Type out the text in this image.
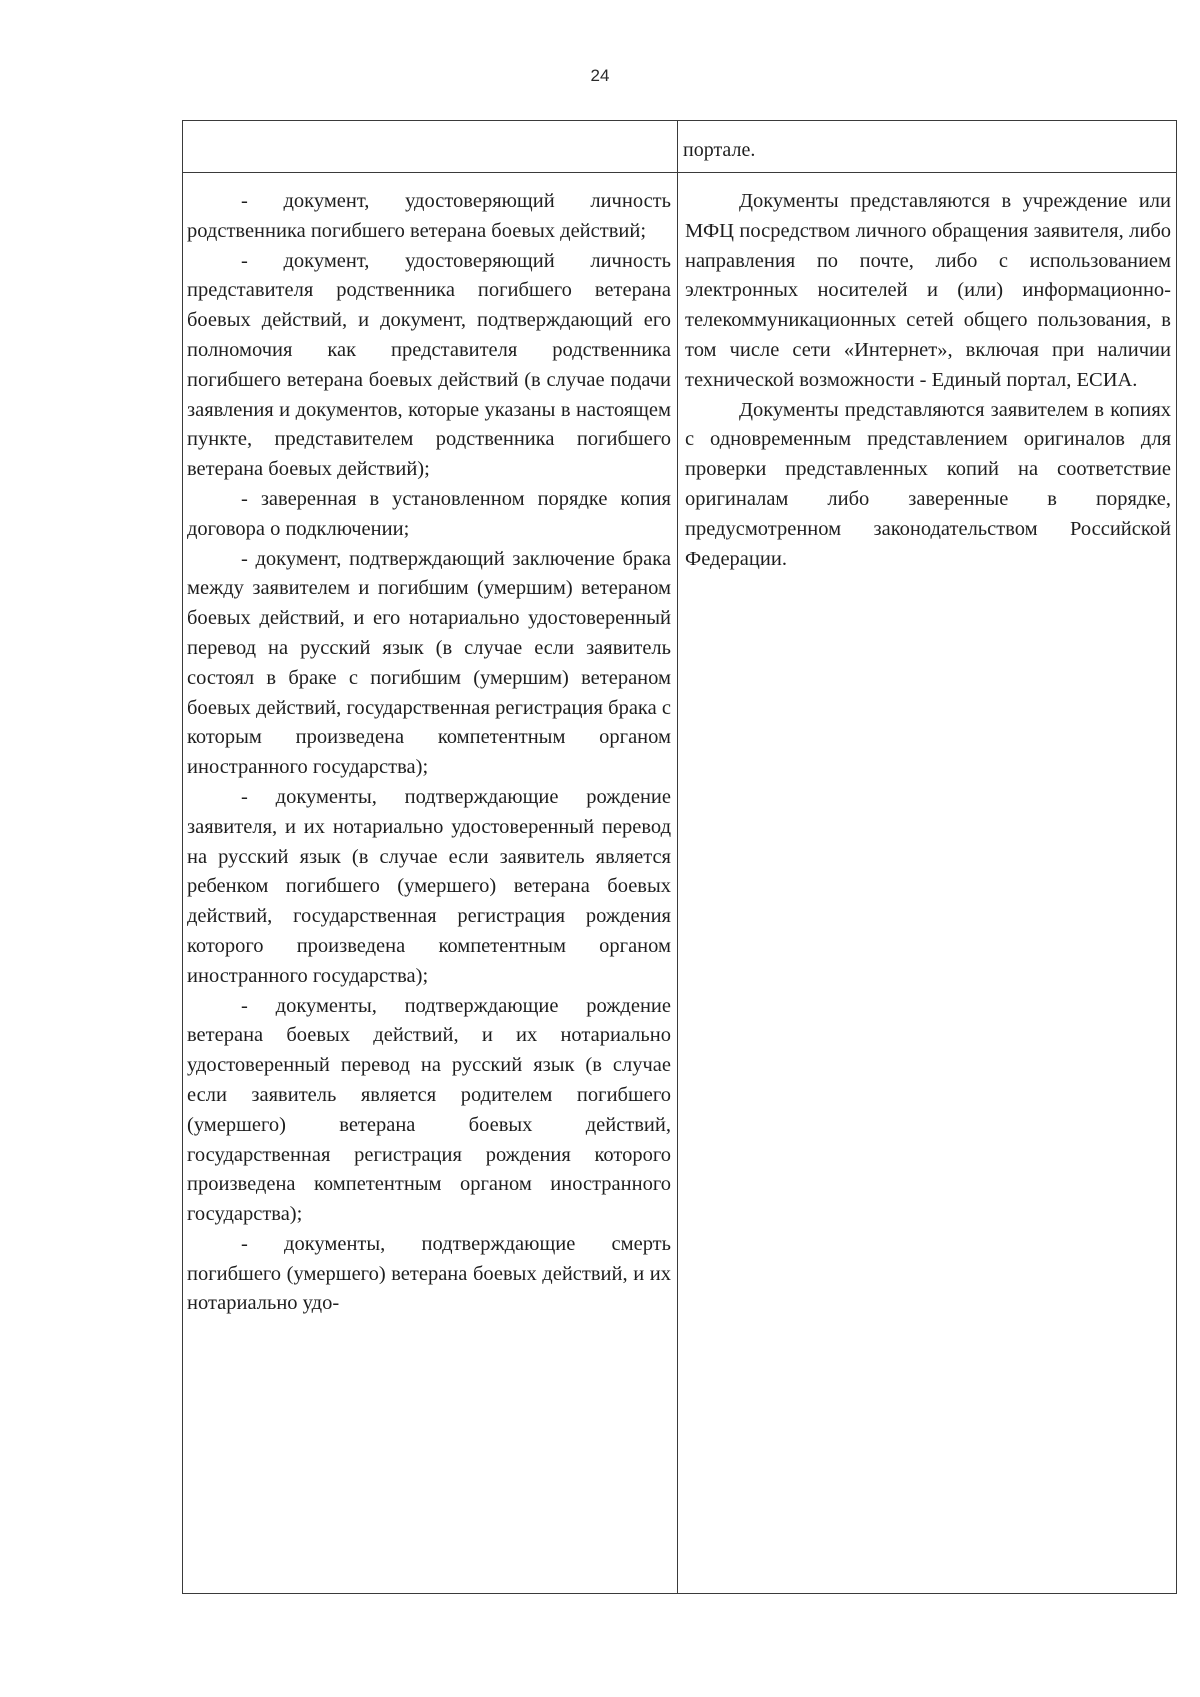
24
порталe.

- документ, удостоверяющий личность родственника погибшего ветерана боевых действий;

- документ, удостоверяющий личность представителя родственника погибшего ветерана боевых действий, и документ, подтверждающий его полномочия как представителя родственника погибшего ветерана боевых действий (в случае подачи заявления и документов, которые указаны в настоящем пункте, представителем родственника погибшего ветерана боевых действий);

- заверенная в установленном порядке копия договора о подключении;

- документ, подтверждающий заключение брака между заявителем и погибшим (умершим) ветераном боевых действий, и его нотариально удостоверенный перевод на русский язык (в случае если заявитель состоял в браке с погибшим (умершим) ветераном боевых действий, государственная регистрация брака с которым произведена компетентным органом иностранного государства);

- документы, подтверждающие рождение заявителя, и их нотариально удостоверенный перевод на русский язык (в случае если заявитель является ребенком погибшего (умершего) ветерана боевых действий, государственная регистрация рождения которого произведена компетентным органом иностранного государства);

- документы, подтверждающие рождение ветерана боевых действий, и их нотариально удостоверенный перевод на русский язык (в случае если заявитель является родителем погибшего (умершего) ветерана боевых действий, государственная регистрация рождения которого произведена компетентным органом иностранного государства);

- документы, подтверждающие смерть погибшего (умершего) ветерана боевых действий, и их нотариально удо-

Документы представляются в учреждение или МФЦ посредством личного обращения заявителя, либо направления по почте, либо с использованием электронных носителей и (или) информационно-телекоммуникационных сетей общего пользования, в том числе сети «Интернет», включая при наличии технической возможности - Единый портал, ЕСИА.

Документы представляются заявителем в копиях с одновременным представлением оригиналов для проверки представленных копий на соответствие оригиналам либо заверенные в порядке, предусмотренном законодательством Российской Федерации.
